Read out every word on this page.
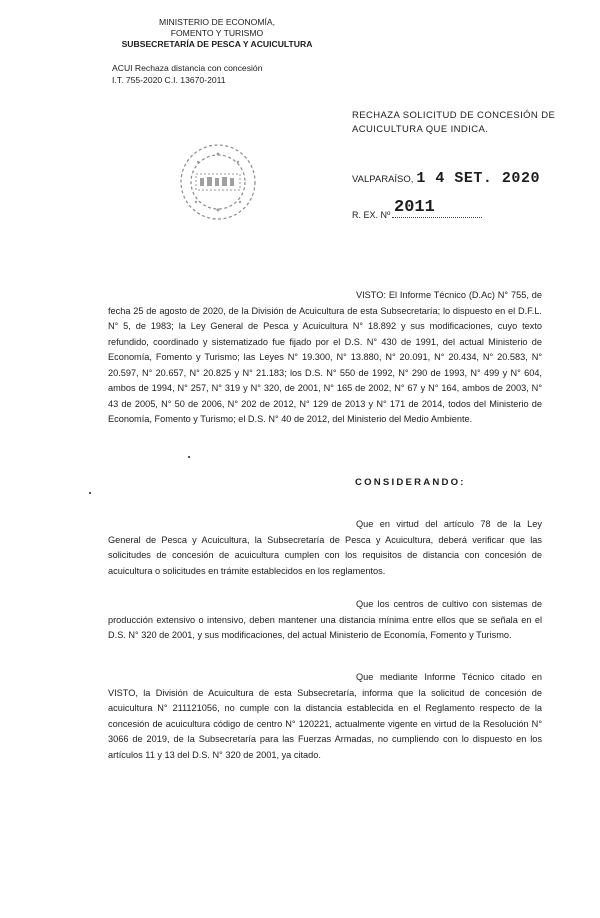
MINISTERIO DE ECONOMÍA,
FOMENTO Y TURISMO
SUBSECRETARÍA DE PESCA Y ACUICULTURA
ACUI Rechaza distancia con concesión
I.T. 755-2020 C.I. 13670-2011
RECHAZA SOLICITUD DE CONCESIÓN DE
ACUICULTURA QUE INDICA.
VALPARAÍSO, 1 4 SET. 2020
R. EX. Nº 2011
VISTO: El Informe Técnico (D.Ac) N° 755, de fecha 25 de agosto de 2020, de la División de Acuicultura de esta Subsecretaría; lo dispuesto en el D.F.L. N° 5, de 1983; la Ley General de Pesca y Acuicultura N° 18.892 y sus modificaciones, cuyo texto refundido, coordinado y sistematizado fue fijado por el D.S. N° 430 de 1991, del actual Ministerio de Economía, Fomento y Turismo; las Leyes N° 19.300, N° 13.880, N° 20.091, N° 20.434, N° 20.583, N° 20.597, N° 20.657, N° 20.825 y N° 21.183; los D.S. N° 550 de 1992, N° 290 de 1993, N° 499 y N° 604, ambos de 1994, N° 257, N° 319 y N° 320, de 2001, N° 165 de 2002, N° 67 y N° 164, ambos de 2003, N° 43 de 2005, N° 50 de 2006, N° 202 de 2012, N° 129 de 2013 y N° 171 de 2014, todos del Ministerio de Economía, Fomento y Turismo; el D.S. N° 40 de 2012, del Ministerio del Medio Ambiente.
CONSIDERANDO:
Que en virtud del artículo 78 de la Ley General de Pesca y Acuicultura, la Subsecretaría de Pesca y Acuicultura, deberá verificar que las solicitudes de concesión de acuicultura cumplen con los requisitos de distancia con concesión de acuicultura o solicitudes en trámite establecidos en los reglamentos.
Que los centros de cultivo con sistemas de producción extensivo o intensivo, deben mantener una distancia mínima entre ellos que se señala en el D.S. N° 320 de 2001, y sus modificaciones, del actual Ministerio de Economía, Fomento y Turismo.
Que mediante Informe Técnico citado en VISTO, la División de Acuicultura de esta Subsecretaría, informa que la solicitud de concesión de acuicultura N° 211121056, no cumple con la distancia establecida en el Reglamento respecto de la concesión de acuicultura código de centro N° 120221, actualmente vigente en virtud de la Resolución N° 3066 de 2019, de la Subsecretaría para las Fuerzas Armadas, no cumpliendo con lo dispuesto en los artículos 11 y 13 del D.S. N° 320 de 2001, ya citado.
